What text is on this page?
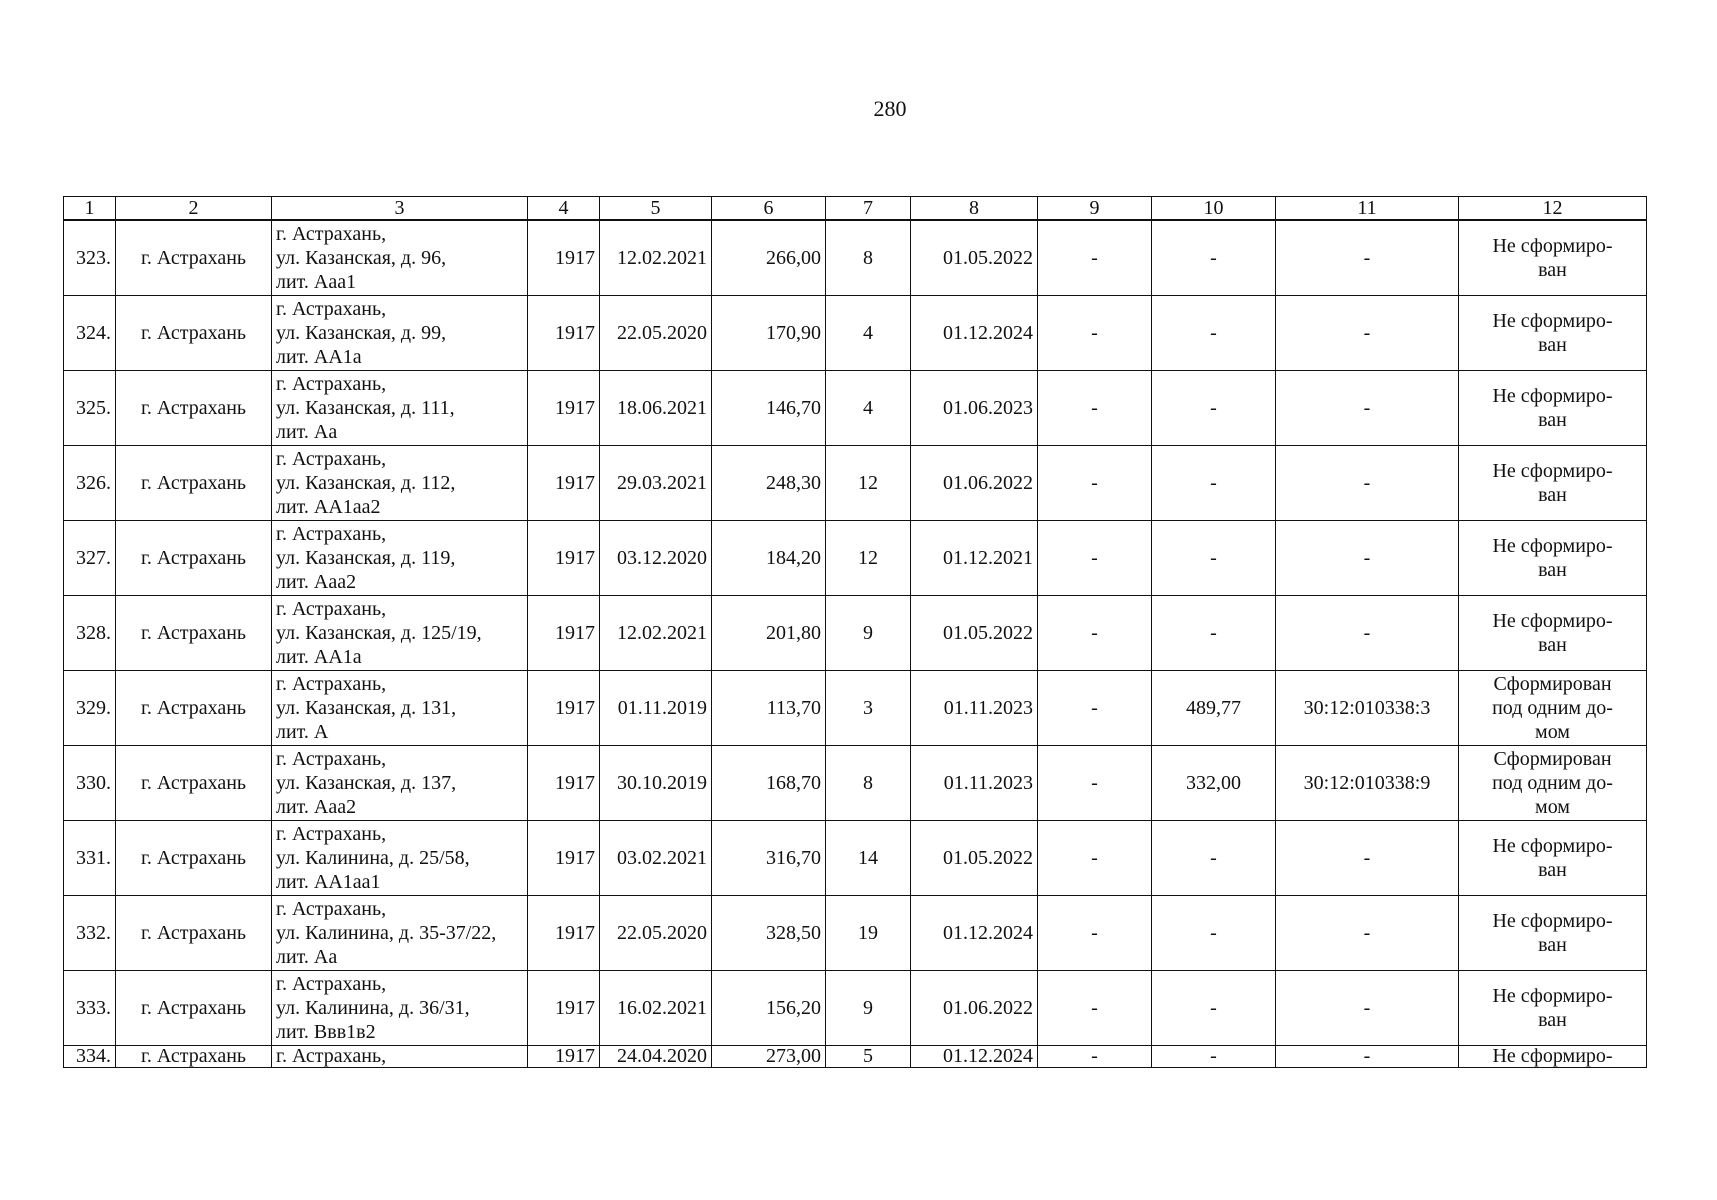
280
1	2	3	4	5	6	7	8	9	10	11	12
323.	г. Астрахань	г. Астрахань,
ул. Казанская, д. 96,
лит. Aaa1	1917	12.02.2021	266,00	8	01.05.2022	-	-	-	Не сформиро-
ван

324.	г. Астрахань	г. Астрахань,
ул. Казанская, д. 99,
лит. AA1a	1917	22.05.2020	170,90	4	01.12.2024	-	-	-	Не сформиро-
ван

325.	г. Астрахань	г. Астрахань,
ул. Казанская, д. 111,
лит. Aa	1917	18.06.2021	146,70	4	01.06.2023	-	-	-	Не сформиро-
ван

326.	г. Астрахань	г. Астрахань,
ул. Казанская, д. 112,
лит. AA1aa2	1917	29.03.2021	248,30	12	01.06.2022	-	-	-	Не сформиро-
ван

327.	г. Астрахань	г. Астрахань,
ул. Казанская, д. 119,
лит. Aaa2	1917	03.12.2020	184,20	12	01.12.2021	-	-	-	Не сформиро-
ван

328.	г. Астрахань	г. Астрахань,
ул. Казанская, д. 125/19,
лит. AA1a	1917	12.02.2021	201,80	9	01.05.2022	-	-	-	Не сформиро-
ван

329.	г. Астрахань	г. Астрахань,
ул. Казанская, д. 131,
лит. A	1917	01.11.2019	113,70	3	01.11.2023	-	489,77	30:12:010338:3	Сформирован
под одним до-
мом

330.	г. Астрахань	г. Астрахань,
ул. Казанская, д. 137,
лит. Aaa2	1917	30.10.2019	168,70	8	01.11.2023	-	332,00	30:12:010338:9	Сформирован
под одним до-
мом

331.	г. Астрахань	г. Астрахань,
ул. Калинина, д. 25/58,
лит. AA1aa1	1917	03.02.2021	316,70	14	01.05.2022	-	-	-	Не сформиро-
ван

332.	г. Астрахань	г. Астрахань,
ул. Калинина, д. 35-37/22,
лит. Aa	1917	22.05.2020	328,50	19	01.12.2024	-	-	-	Не сформиро-
ван

333.	г. Астрахань	г. Астрахань,
ул. Калинина, д. 36/31,
лит. Bвв1в2	1917	16.02.2021	156,20	9	01.06.2022	-	-	-	Не сформиро-
ван

334.	г. Астрахань	г. Астрахань,	1917	24.04.2020	273,00	5	01.12.2024	-	-	-	Не сформиро-
